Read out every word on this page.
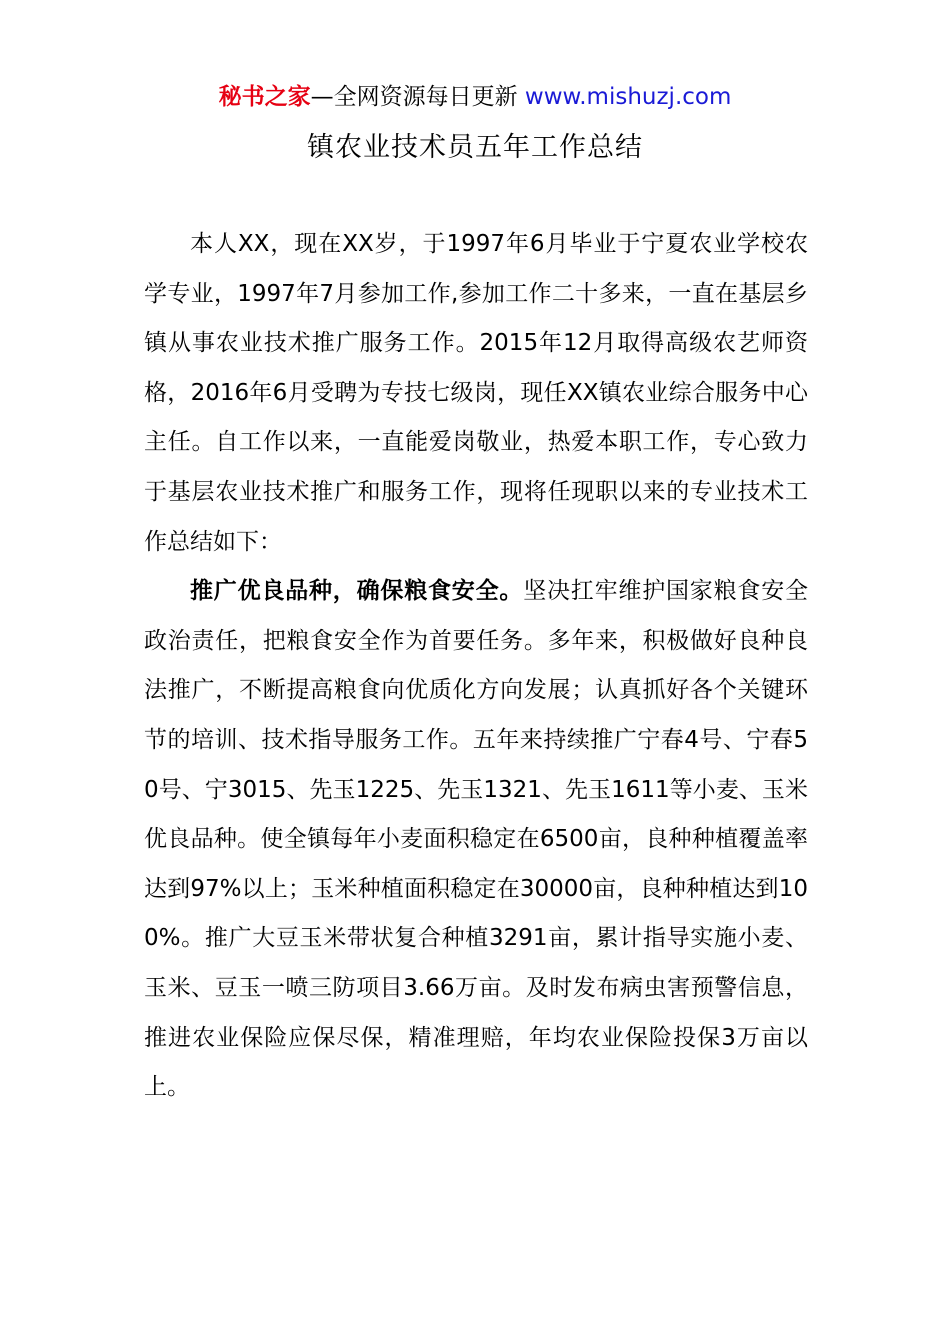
秘书之家—全网资源每日更新 www.mishuzj.com
镇农业技术员五年工作总结

本人XX，现在XX岁，于1997年6月毕业于宁夏农业学校农学专业，1997年7月参加工作,参加工作二十多来，一直在基层乡镇从事农业技术推广服务工作。2015年12月取得高级农艺师资格，2016年6月受聘为专技七级岗，现任XX镇农业综合服务中心主任。自工作以来，一直能爱岗敬业，热爱本职工作，专心致力于基层农业技术推广和服务工作，现将任现职以来的专业技术工作总结如下：

推广优良品种，确保粮食安全。坚决扛牢维护国家粮食安全政治责任，把粮食安全作为首要任务。多年来，积极做好良种良法推广，不断提高粮食向优质化方向发展；认真抓好各个关键环节的培训、技术指导服务工作。五年来持续推广宁春4号、宁春50号、宁3015、先玉1225、先玉1321、先玉1611等小麦、玉米优良品种。使全镇每年小麦面积稳定在6500亩，良种种植覆盖率达到97%以上；玉米种植面积稳定在30000亩，良种种植达到100%。推广大豆玉米带状复合种植3291亩，累计指导实施小麦、玉米、豆玉一喷三防项目3.66万亩。及时发布病虫害预警信息，推进农业保险应保尽保，精准理赔，年均农业保险投保3万亩以上。
